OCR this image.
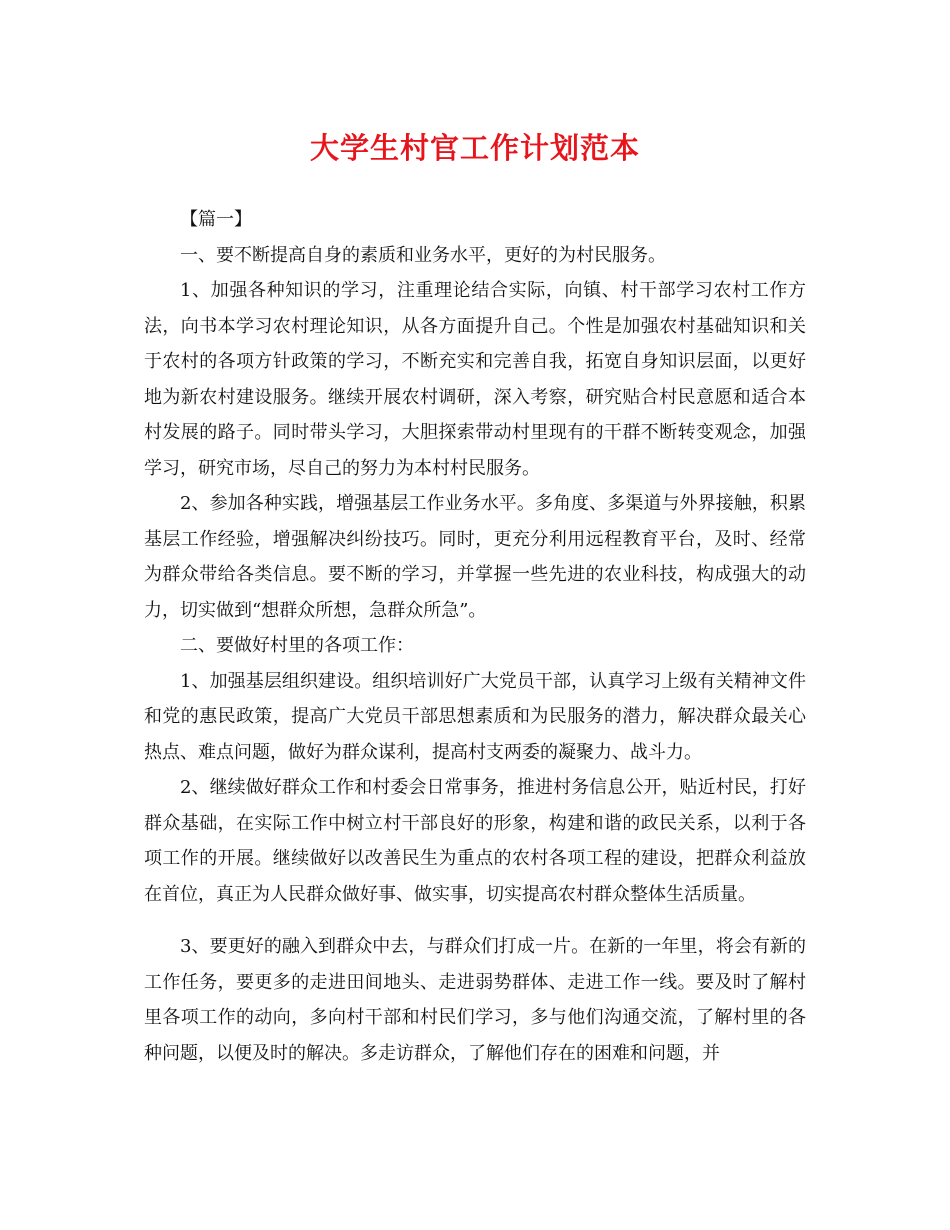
大学生村官工作计划范本

【篇一】

一、要不断提高自身的素质和业务水平，更好的为村民服务。

1、加强各种知识的学习，注重理论结合实际，向镇、村干部学习农村工作方法，向书本学习农村理论知识，从各方面提升自己。个性是加强农村基础知识和关于农村的各项方针政策的学习，不断充实和完善自我，拓宽自身知识层面，以更好地为新农村建设服务。继续开展农村调研，深入考察，研究贴合村民意愿和适合本村发展的路子。同时带头学习，大胆探索带动村里现有的干群不断转变观念，加强学习，研究市场，尽自己的努力为本村村民服务。

2、参加各种实践，增强基层工作业务水平。多角度、多渠道与外界接触，积累基层工作经验，增强解决纠纷技巧。同时，更充分利用远程教育平台，及时、经常为群众带给各类信息。要不断的学习，并掌握一些先进的农业科技，构成强大的动力，切实做到“想群众所想，急群众所急”。

二、要做好村里的各项工作：

1、加强基层组织建设。组织培训好广大党员干部，认真学习上级有关精神文件和党的惠民政策，提高广大党员干部思想素质和为民服务的潜力，解决群众最关心热点、难点问题，做好为群众谋利，提高村支两委的凝聚力、战斗力。

2、继续做好群众工作和村委会日常事务，推进村务信息公开，贴近村民，打好群众基础，在实际工作中树立村干部良好的形象，构建和谐的政民关系，以利于各项工作的开展。继续做好以改善民生为重点的农村各项工程的建设，把群众利益放在首位，真正为人民群众做好事、做实事，切实提高农村群众整体生活质量。

3、要更好的融入到群众中去，与群众们打成一片。在新的一年里，将会有新的工作任务，要更多的走进田间地头、走进弱势群体、走进工作一线。要及时了解村里各项工作的动向，多向村干部和村民们学习，多与他们沟通交流，了解村里的各种问题，以便及时的解决。多走访群众，了解他们存在的困难和问题，并
